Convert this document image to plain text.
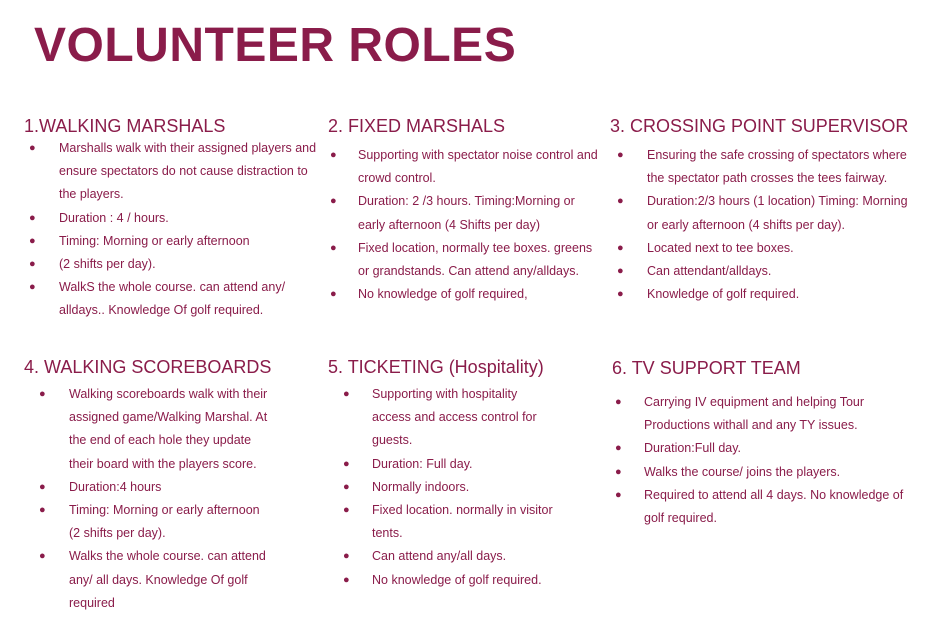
VOLUNTEER ROLES
1.WALKING MARSHALS
● Marshalls walk with their assigned players and ensure spectators do not cause distraction to the players.
● Duration : 4 / hours.
● Timing: Morning or early afternoon
● (2 shifts per day).
● WalkS the whole course. can attend any/ alldays.. Knowledge Of golf required.
2. FIXED MARSHALS
● Supporting with spectator noise control and crowd control.
● Duration: 2 /3 hours. Timing:Morning or early afternoon (4 Shifts per day)
● Fixed location, normally tee boxes. greens or grandstands. Can attend any/alldays.
● No knowledge of golf required,
3. CROSSING POINT SUPERVISOR
● Ensuring the safe crossing of spectators where the spectator path crosses the tees fairway.
● Duration:2/3 hours (1 location) Timing: Morning or early afternoon (4 shifts per day).
● Located next to tee boxes.
● Can attendant/alldays.
● Knowledge of golf required.
4. WALKING SCOREBOARDS
● Walking scoreboards walk with their assigned game/Walking Marshal. At the end of each hole they update their board with the players score.
● Duration:4 hours
● Timing: Morning or early afternoon (2 shifts per day).
● Walks the whole course. can attend any/ all days. Knowledge Of golf required
5. TICKETING (Hospitality)
● Supporting with hospitality access and access control for guests.
● Duration: Full day.
● Normally indoors.
● Fixed location. normally in visitor tents.
● Can attend any/all days.
● No knowledge of golf required.
6. TV SUPPORT TEAM
● Carrying IV equipment and helping Tour Productions withall and any TY issues.
● Duration:Full day.
● Walks the course/ joins the players.
● Required to attend all 4 days. No knowledge of golf required.
